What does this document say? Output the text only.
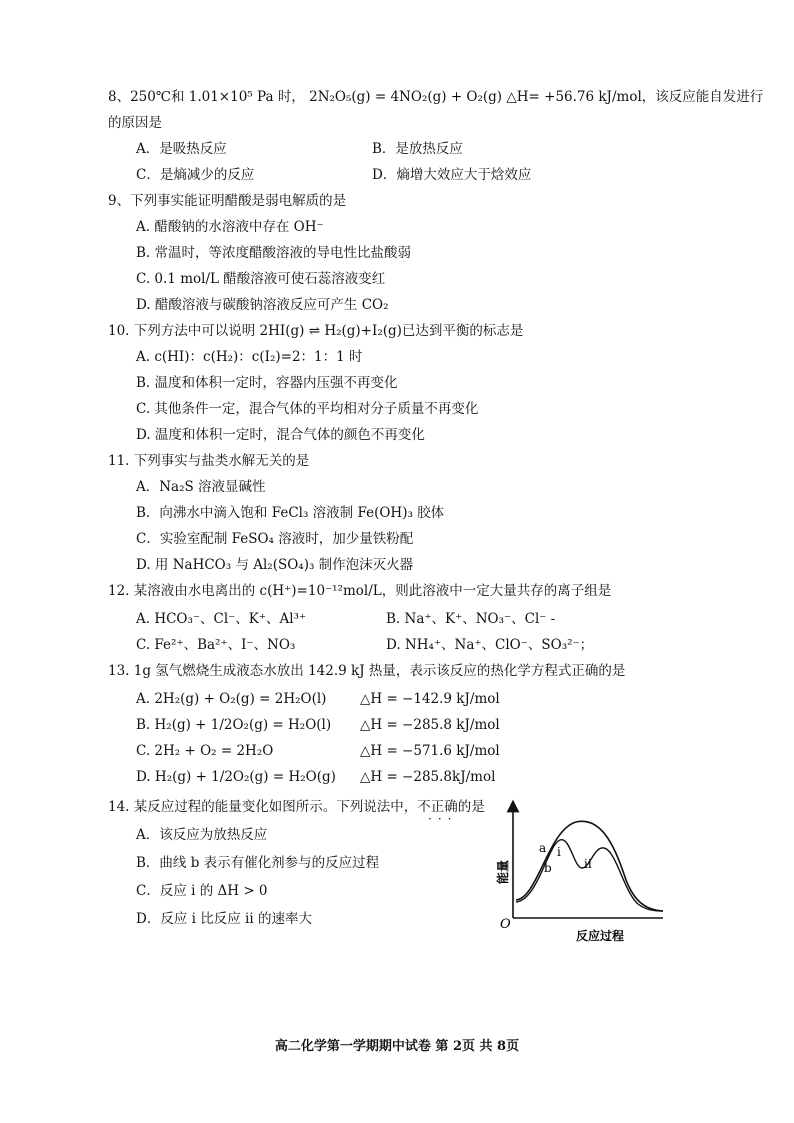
8、250℃和 1.01×10⁵ Pa 时， 2N₂O₅(g) = 4NO₂(g) + O₂(g) △H= +56.76 kJ/mol，该反应能自发进行
的原因是
A．是吸热反应	B．是放热反应
C．是熵减少的反应	D．熵增大效应大于焓效应
9、下列事实能证明醋酸是弱电解质的是
A. 醋酸钠的水溶液中存在 OH⁻
B. 常温时，等浓度醋酸溶液的导电性比盐酸弱
C. 0.1 mol/L 醋酸溶液可使石蕊溶液变红
D. 醋酸溶液与碳酸钠溶液反应可产生 CO₂
10. 下列方法中可以说明 2HI(g) ⇌ H₂(g)+I₂(g)已达到平衡的标志是
A. c(HI)：c(H₂)：c(I₂)=2：1：1 时
B. 温度和体积一定时，容器内压强不再变化
C. 其他条件一定，混合气体的平均相对分子质量不再变化
D. 温度和体积一定时，混合气体的颜色不再变化
11. 下列事实与盐类水解无关的是
A．Na₂S 溶液显碱性
B．向沸水中滴入饱和 FeCl₃ 溶液制 Fe(OH)₃ 胶体
C．实验室配制 FeSO₄ 溶液时，加少量铁粉配
D. 用 NaHCO₃ 与 Al₂(SO₄)₃ 制作泡沫灭火器
12. 某溶液由水电离出的 c(H⁺)=10⁻¹²mol/L，则此溶液中一定大量共存的离子组是
A. HCO₃⁻、Cl⁻、K⁺、Al³⁺	B. Na⁺、K⁺、NO₃⁻、Cl⁻ -
C. Fe²⁺、Ba²⁺、I⁻、NO₃	D. NH₄⁺、Na⁺、ClO⁻、SO₃²⁻；
13. 1g 氢气燃烧生成液态水放出 142.9 kJ 热量，表示该反应的热化学方程式正确的是
A. 2H₂(g) + O₂(g) = 2H₂O(l) △H = −142.9 kJ/mol
B. H₂(g) + 1/2O₂(g) = H₂O(l) △H = −285.8 kJ/mol
C. 2H₂ + O₂ = 2H₂O	△H = −571.6 kJ/mol
D. H₂(g) + 1/2O₂(g) = H₂O(g) △H = −285.8kJ/mol
14. 某反应过程的能量变化如图所示。下列说法中，不正确的是
···
A．该反应为放热反应
B．曲线 b 表示有催化剂参与的反应过程
C．反应 i 的 ΔH > 0
D．反应 i 比反应 ii 的速率大
a
b
i
ii
O
反应过程
能量
高二化学第一学期期中试卷 第 2页 共 8页
